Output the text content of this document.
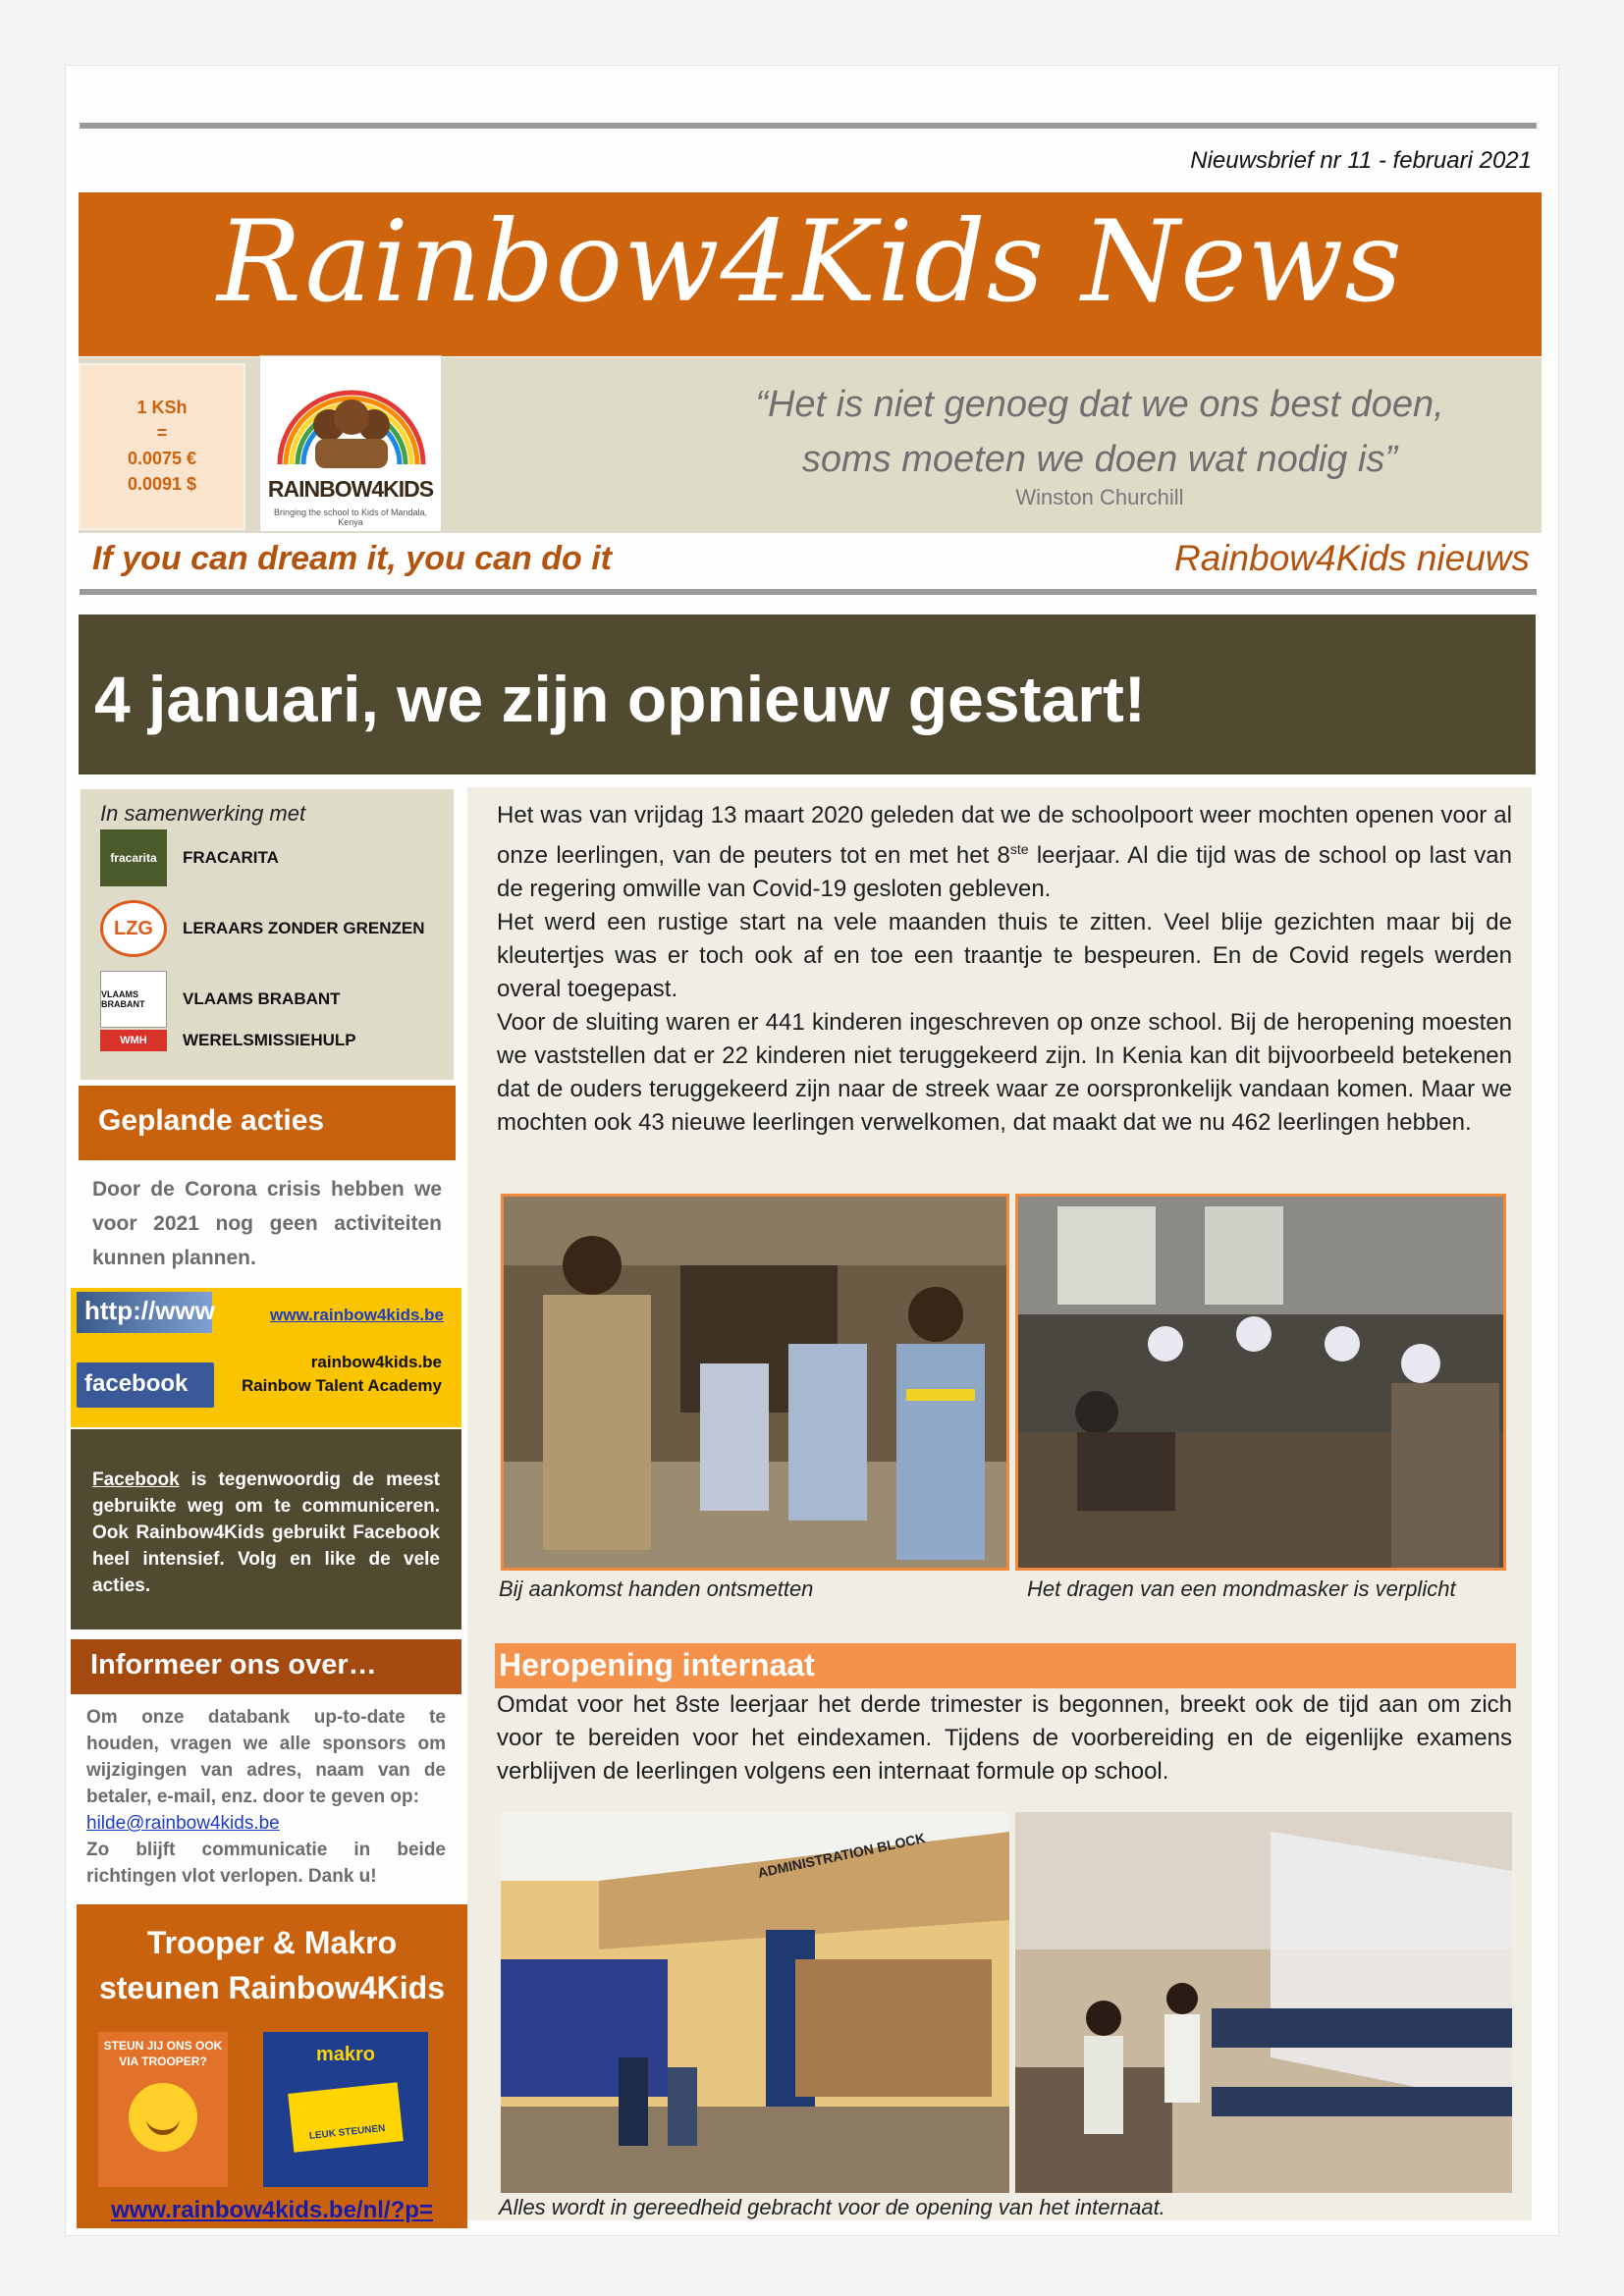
Nieuwsbrief nr 11 - februari 2021
Rainbow4Kids News
1 KSh
=
0.0075 €
0.0091 $	RAINBOW4KIDS
Bringing the school to Kids of Mandala, Kenya
“Het is niet genoeg dat we ons best doen,
soms moeten we doen wat nodig is”
Winston Churchill
If you can dream it, you can do it	Rainbow4Kids nieuws
4 januari, we zijn opnieuw gestart!
In samenwerking met
fracarita	FRACARITA
LZG	LERAARS ZONDER GRENZEN
VLAAMS BRABANT	VLAAMS BRABANT
WMH	WERELSMISSIEHULP
Geplande acties
Door de Corona crisis hebben we voor 2021 nog geen activiteiten kunnen plannen.
http://www	www.rainbow4kids.be
facebook
rainbow4kids.be
Rainbow Talent Academy
Facebook is tegenwoordig de meest gebruikte weg om te communiceren. Ook Rainbow4Kids gebruikt Facebook heel intensief. Volg en like de vele acties.
Informeer ons over…
Om onze databank up-to-date te houden, vragen we alle sponsors om wijzigingen van adres, naam van de betaler, e-mail, enz. door te geven op:
hilde@rainbow4kids.be
Zo blijft communicatie in beide richtingen vlot verlopen. Dank u!
Trooper & Makro
steunen Rainbow4Kids
STEUN JIJ ONS OOK VIA TROOPER?	makro
LEUK STEUNEN
www.rainbow4kids.be/nl/?p=
Het was van vrijdag 13 maart 2020 geleden dat we de schoolpoort weer mochten openen voor al onze leerlingen, van de peuters tot en met het 8ste leerjaar. Al die tijd was de school op last van de regering omwille van Covid-19 gesloten gebleven.
Het werd een rustige start na vele maanden thuis te zitten. Veel blije gezichten maar bij de kleutertjes was er toch ook af en toe een traantje te bespeuren. En de Covid regels werden overal toegepast.
Voor de sluiting waren er 441 kinderen ingeschreven op onze school. Bij de heropening moesten we vaststellen dat er 22 kinderen niet teruggekeerd zijn. In Kenia kan dit bijvoorbeeld betekenen dat de ouders teruggekeerd zijn naar de streek waar ze oorspronkelijk vandaan komen. Maar we mochten ook 43 nieuwe leerlingen verwelkomen, dat maakt dat we nu 462 leerlingen hebben.
Bij aankomst handen ontsmetten	Het dragen van een mondmasker is verplicht
Heropening internaat
Omdat voor het 8ste leerjaar het derde trimester is begonnen, breekt ook de tijd aan om zich voor te bereiden voor het eindexamen. Tijdens de voorbereiding en de eigenlijke examens verblijven de leerlingen volgens een internaat formule op school.
ADMINISTRATION BLOCK
Alles wordt in gereedheid gebracht voor de opening van het internaat.
